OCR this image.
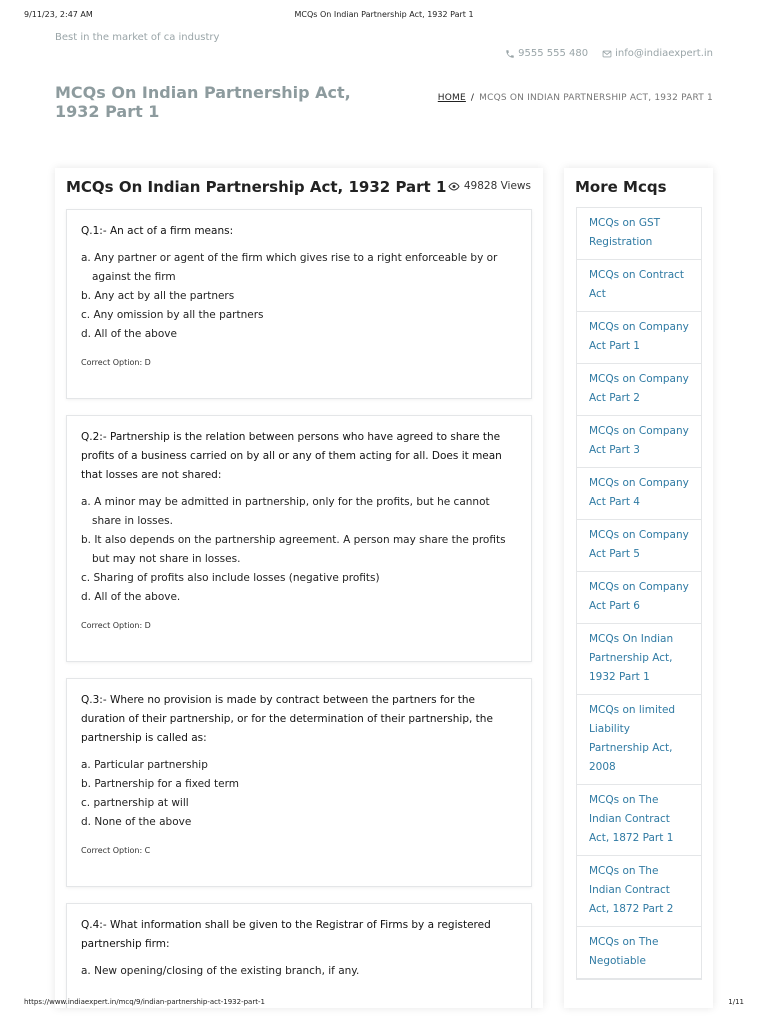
9/11/23, 2:47 AM	MCQs On Indian Partnership Act, 1932 Part 1
Best in the market of ca industry
9555 555 480	info@indiaexpert.in
MCQs On Indian Partnership Act, 1932 Part 1
HOME / MCQS ON INDIAN PARTNERSHIP ACT, 1932 PART 1
MCQs On Indian Partnership Act, 1932 Part 1 49828 Views

Q.1:- An act of a firm means:

a. Any partner or agent of the firm which gives rise to a right enforceable by or against the firm
b. Any act by all the partners
c. Any omission by all the partners
d. All of the above

Correct Option: D

Q.2:- Partnership is the relation between persons who have agreed to share the profits of a business carried on by all or any of them acting for all. Does it mean that losses are not shared:

a. A minor may be admitted in partnership, only for the profits, but he cannot share in losses.
b. It also depends on the partnership agreement. A person may share the profits but may not share in losses.
c. Sharing of profits also include losses (negative profits)
d. All of the above.

Correct Option: D

Q.3:- Where no provision is made by contract between the partners for the duration of their partnership, or for the determination of their partnership, the partnership is called as:

a. Particular partnership
b. Partnership for a fixed term
c. partnership at will
d. None of the above

Correct Option: C

Q.4:- What information shall be given to the Registrar of Firms by a registered partnership firm:

a. New opening/closing of the existing branch, if any.
More Mcqs
MCQs on GST Registration
MCQs on Contract Act
MCQs on Company Act Part 1
MCQs on Company Act Part 2
MCQs on Company Act Part 3
MCQs on Company Act Part 4
MCQs on Company Act Part 5
MCQs on Company Act Part 6
MCQs On Indian Partnership Act, 1932 Part 1
MCQs on limited Liability Partnership Act, 2008
MCQs on The Indian Contract Act, 1872 Part 1
MCQs on The Indian Contract Act, 1872 Part 2
MCQs on The Negotiable
https://www.indiaexpert.in/mcq/9/indian-partnership-act-1932-part-1	1/11
